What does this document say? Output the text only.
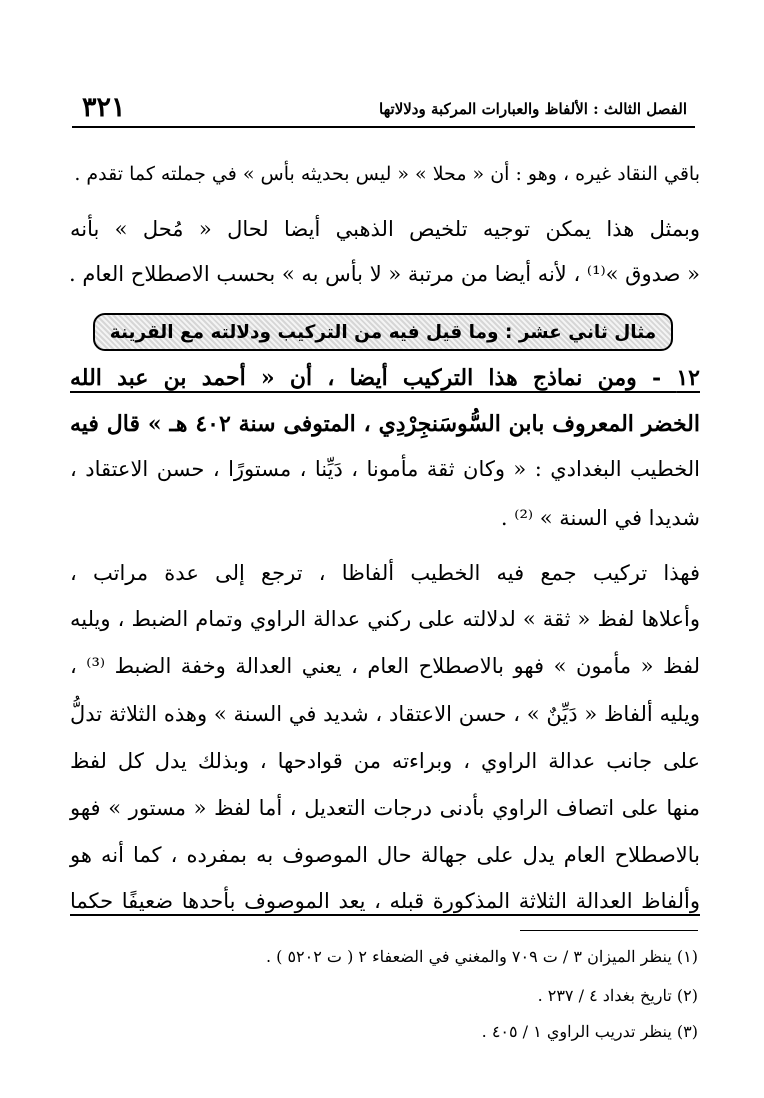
٣٢١	الفصل الثالث : الألفاظ والعبارات المركبة ودلالاتها
باقي النقاد غيره ، وهو : أن « محلا » « ليس بحديثه بأس » في جملته كما تقدم .
وبمثل هذا يمكن توجيه تلخيص الذهبي أيضا لحال « مُحل » بأنه
« صدوق »⁽¹⁾ ، لأنه أيضا من مرتبة « لا بأس به » بحسب الاصطلاح العام .
مثال ثاني عشر : وما قيل فيه من التركيب ودلالته مع القرينة
١٢ - ومن نماذج هذا التركيب أيضا ، أن « أحمد بن عبد الله
الخضر المعروف بابن السُّوسَنجِرْدِي ، المتوفى سنة ٤٠٢ هـ » قال فيه
الخطيب البغدادي : « وكان ثقة مأمونا ، دَيِّنا ، مستورًا ، حسن الاعتقاد ،
شديدا في السنة » ⁽²⁾ .
فهذا تركيب جمع فيه الخطيب ألفاظا ، ترجع إلى عدة مراتب ،
وأعلاها لفظ « ثقة » لدلالته على ركني عدالة الراوي وتمام الضبط ، ويليه
لفظ « مأمون » فهو بالاصطلاح العام ، يعني العدالة وخفة الضبط ⁽³⁾ ،
ويليه ألفاظ « دَيِّنٌ » ، حسن الاعتقاد ، شديد في السنة » وهذه الثلاثة تدلُّ
على جانب عدالة الراوي ، وبراءته من قوادحها ، وبذلك يدل كل لفظ
منها على اتصاف الراوي بأدنى درجات التعديل ، أما لفظ « مستور » فهو
بالاصطلاح العام يدل على جهالة حال الموصوف به بمفرده ، كما أنه هو
وألفاظ العدالة الثلاثة المذكورة قبله ، يعد الموصوف بأحدها ضعيفًا حكما
(١) ينظر الميزان ٣ / ت ٧٠٩ والمغني في الضعفاء ٢ ( ت ٥٢٠٢ ) .
(٢) تاريخ بغداد ٤ / ٢٣٧ .
(٣) ينظر تدريب الراوي ١ / ٤٠٥ .
